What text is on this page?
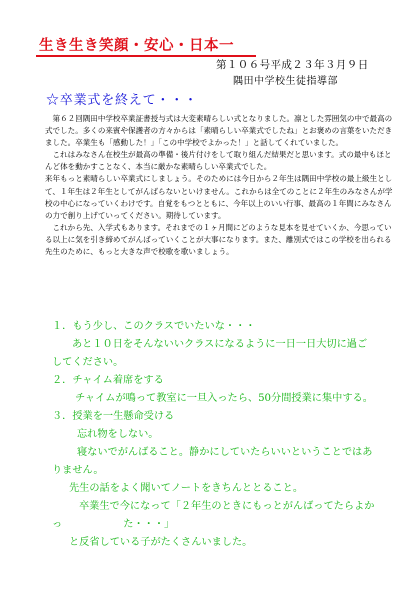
生き生き笑顔・安心・日本一
第１０６号平成２３年３月９日
隅田中学校生徒指導部
☆卒業式を終えて・・・

　第６２回隅田中学校卒業証書授与式は大変素晴らしい式となりました。凛とした雰囲気の中で最高の式でした。多くの来賓や保護者の方々からは「素晴らしい卒業式でしたね」とお褒めの言葉をいただきました。卒業生も「感動した！」「この中学校でよかった！」と話してくれていました。

　これはみなさん在校生が最高の準備・後片付けをして取り組んだ結果だと思います。式の最中もほとんど体を動かすことなく、本当に厳かな素晴らしい卒業式でした。

来年もっと素晴らしい卒業式にしましょう。そのためには今日から２年生は隅田中学校の最上級生として、１年生は２年生としてがんばらないといけません。これからは全てのことに２年生のみなさんが学校の中心になっていくわけです。自覚をもつとともに、今年以上のいい行事、最高の１年間にみなさんの力で創り上げていってください。期待しています。

　これから先、入学式もあります。それまでの１ヶ月間にどのような見本を見せていくか、今思っている以上に気を引き締めてがんばっていくことが大事になります。また、離別式ではこの学校を出られる先生のために、もっと大きな声で校歌を歌いましょう。

１．もう少し、このクラスでいたいな・・・
あと１０日をそんないいクラスになるように一日一日大切に過ご
してください。
２．チャイム着席をする
チャイムが鳴って教室に一旦入ったら、50分間授業に集中する。
３．授業を一生懸命受ける
忘れ物をしない。
寝ないでがんばること。静かにしていたらいいということではあ
りません。
先生の話をよく聞いてノートをきちんととること。
卒業生で今になって「２年生のときにもっとがんばってたらよか
っ　　　　　　た・・・」
と反省している子がたくさんいました。
